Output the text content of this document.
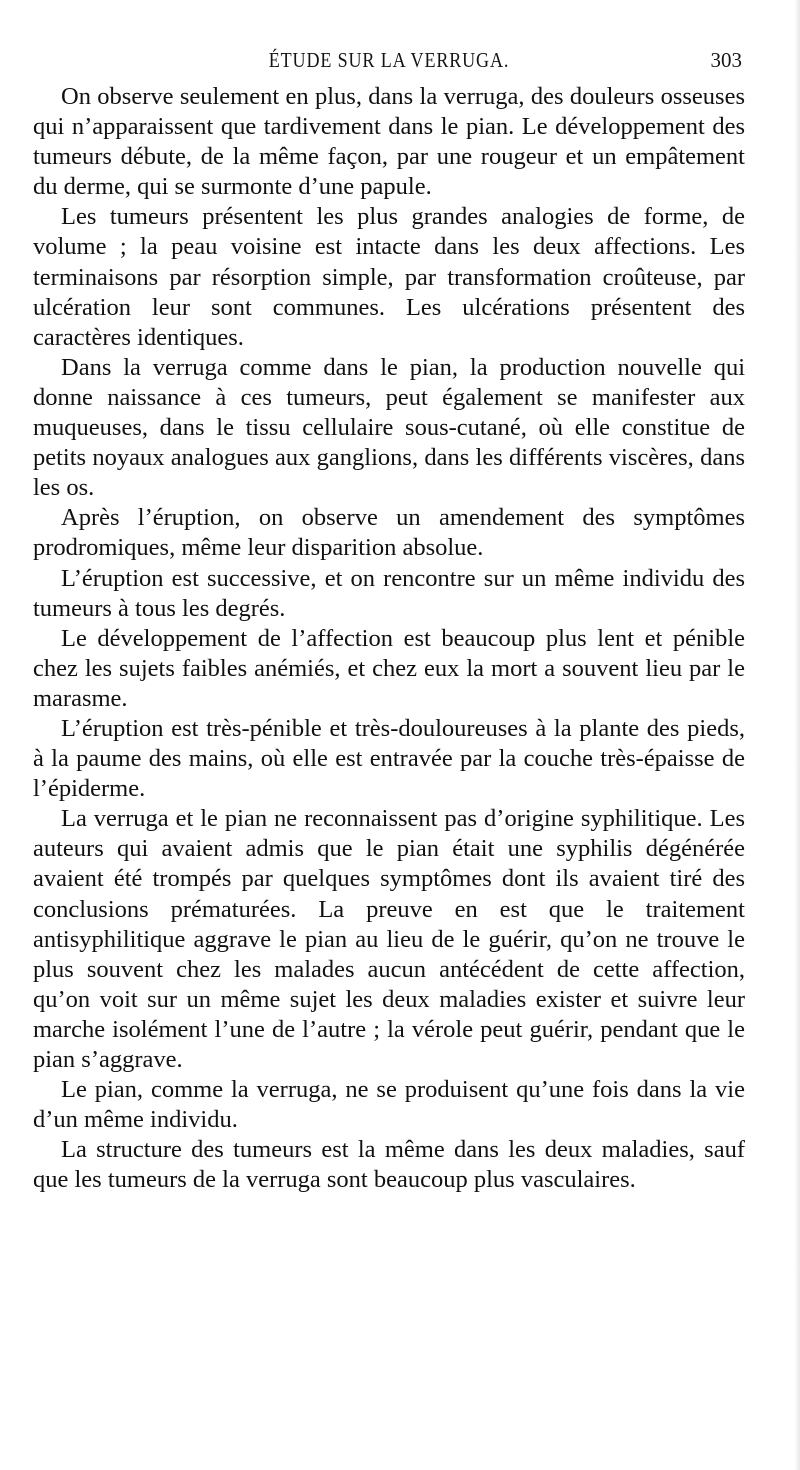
ÉTUDE SUR LA VERRUGA.	303

On observe seulement en plus, dans la verruga, des douleurs osseuses qui n’apparaissent que tardivement dans le pian. Le développement des tumeurs débute, de la même façon, par une rougeur et un empâtement du derme, qui se surmonte d’une papule.

Les tumeurs présentent les plus grandes analogies de forme, de volume ; la peau voisine est intacte dans les deux affections. Les terminaisons par résorption simple, par transformation croûteuse, par ulcération leur sont communes. Les ulcérations présentent des caractères identiques.

Dans la verruga comme dans le pian, la production nouvelle qui donne naissance à ces tumeurs, peut également se manifester aux muqueuses, dans le tissu cellulaire sous-cutané, où elle constitue de petits noyaux analogues aux ganglions, dans les différents viscères, dans les os.

Après l’éruption, on observe un amendement des symptômes prodromiques, même leur disparition absolue.

L’éruption est successive, et on rencontre sur un même individu des tumeurs à tous les degrés.

Le développement de l’affection est beaucoup plus lent et pénible chez les sujets faibles anémiés, et chez eux la mort a souvent lieu par le marasme.

L’éruption est très-pénible et très-douloureuses à la plante des pieds, à la paume des mains, où elle est entravée par la couche très-épaisse de l’épiderme.

La verruga et le pian ne reconnaissent pas d’origine syphilitique. Les auteurs qui avaient admis que le pian était une syphilis dégénérée avaient été trompés par quelques symptômes dont ils avaient tiré des conclusions prématurées. La preuve en est que le traitement antisyphilitique aggrave le pian au lieu de le guérir, qu’on ne trouve le plus souvent chez les malades aucun antécédent de cette affection, qu’on voit sur un même sujet les deux maladies exister et suivre leur marche isolément l’une de l’autre ; la vérole peut guérir, pendant que le pian s’aggrave.

Le pian, comme la verruga, ne se produisent qu’une fois dans la vie d’un même individu.

La structure des tumeurs est la même dans les deux maladies, sauf que les tumeurs de la verruga sont beaucoup plus vasculaires.
